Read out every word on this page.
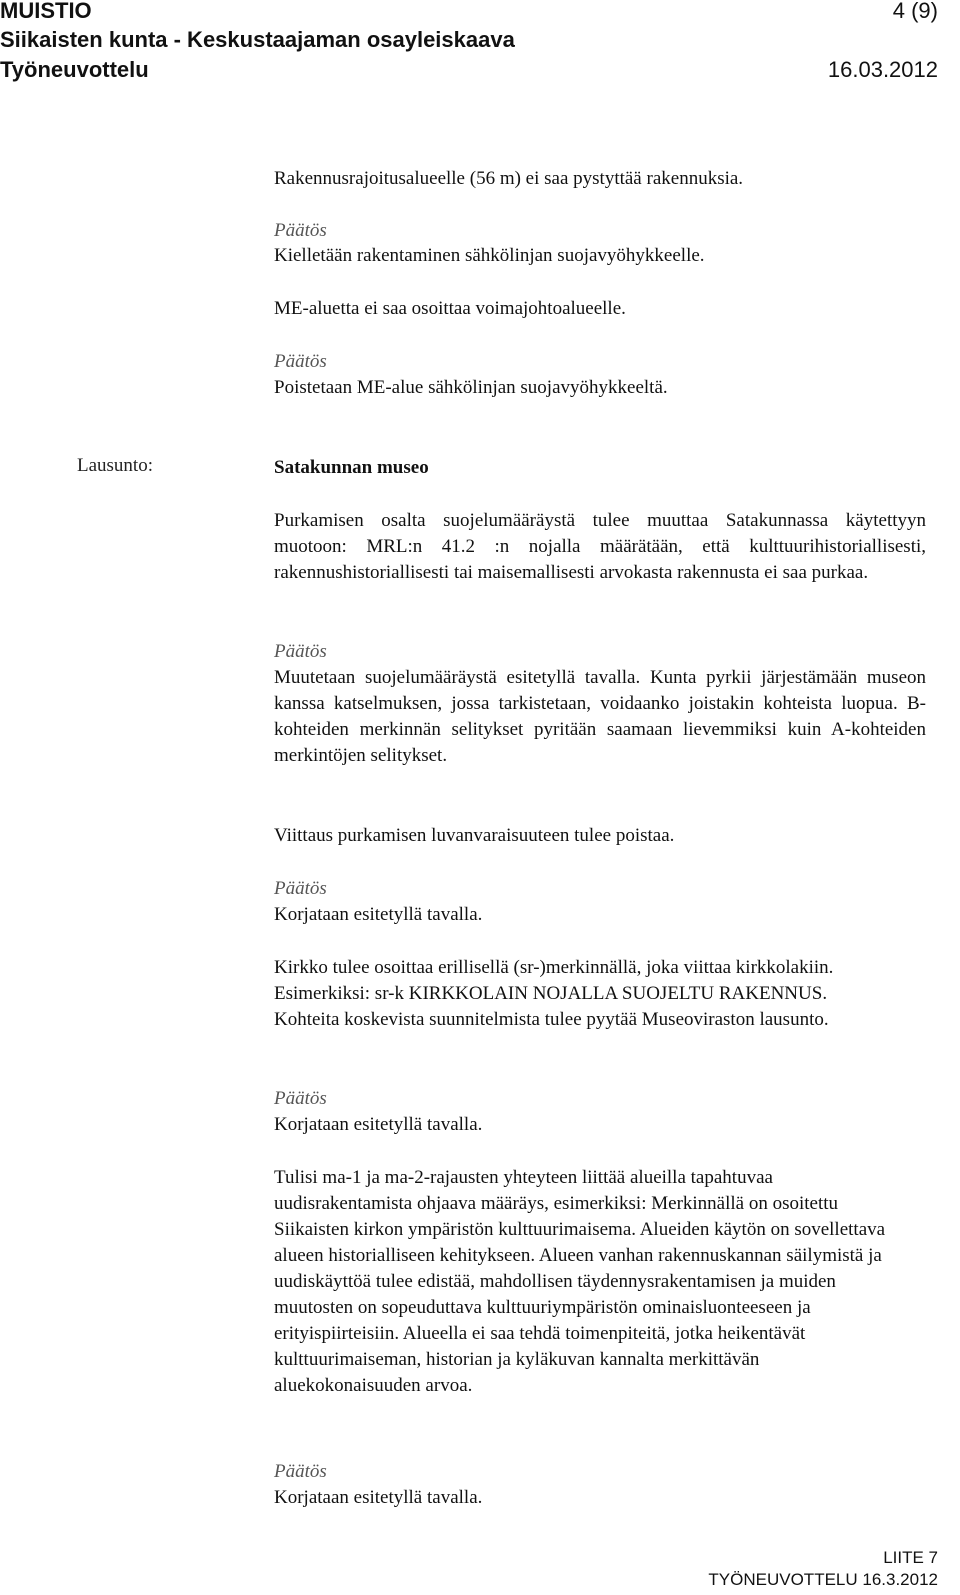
MUISTIO	4 (9)
Siikaisten kunta - Keskustaajaman osayleiskaava
Työneuvottelu	16.03.2012

Rakennusrajoitusalueelle (56 m) ei saa pystyttää rakennuksia.

Päätös

Kielletään rakentaminen sähkölinjan suojavyöhykkeelle.

ME-aluetta ei saa osoittaa voimajohtoalueelle.

Päätös

Poistetaan ME-alue sähkölinjan suojavyöhykkeeltä.

Lausunto:	Satakunnan museo

Purkamisen osalta suojelumääräystä tulee muuttaa Satakunnassa käytettyyn muotoon: MRL:n 41.2 :n nojalla määrätään, että kulttuurihistoriallisesti, rakennushistoriallisesti tai maisemallisesti arvokasta rakennusta ei saa purkaa.

Päätös

Muutetaan suojelumääräystä esitetyllä tavalla. Kunta pyrkii järjestämään museon kanssa katselmuksen, jossa tarkistetaan, voidaanko joistakin kohteista luopua. B-kohteiden merkinnän selitykset pyritään saamaan lievemmiksi kuin A-kohteiden merkintöjen selitykset.

Viittaus purkamisen luvanvaraisuuteen tulee poistaa.

Päätös

Korjataan esitetyllä tavalla.

Kirkko tulee osoittaa erillisellä (sr-)merkinnällä, joka viittaa kirkkolakiin. Esimerkiksi: sr-k KIRKKOLAIN NOJALLA SUOJELTU RAKENNUS. Kohteita koskevista suunnitelmista tulee pyytää Museoviraston lausunto.

Päätös

Korjataan esitetyllä tavalla.

Tulisi ma-1 ja ma-2-rajausten yhteyteen liittää alueilla tapahtuvaa uudisrakentamista ohjaava määräys, esimerkiksi: Merkinnällä on osoitettu Siikaisten kirkon ympäristön kulttuurimaisema. Alueiden käytön on sovellettava alueen historialliseen kehitykseen. Alueen vanhan rakennuskannan säilymistä ja uudiskäyttöä tulee edistää, mahdollisen täydennysrakentamisen ja muiden muutosten on sopeuduttava kulttuuriympäristön ominaisluonteeseen ja erityispiirteisiin. Alueella ei saa tehdä toimenpiteitä, jotka heikentävät kulttuurimaiseman, historian ja kyläkuvan kannalta merkittävän aluekokonaisuuden arvoa.

Päätös

Korjataan esitetyllä tavalla.

LIITE 7
TYÖNEUVOTTELU 16.3.2012
